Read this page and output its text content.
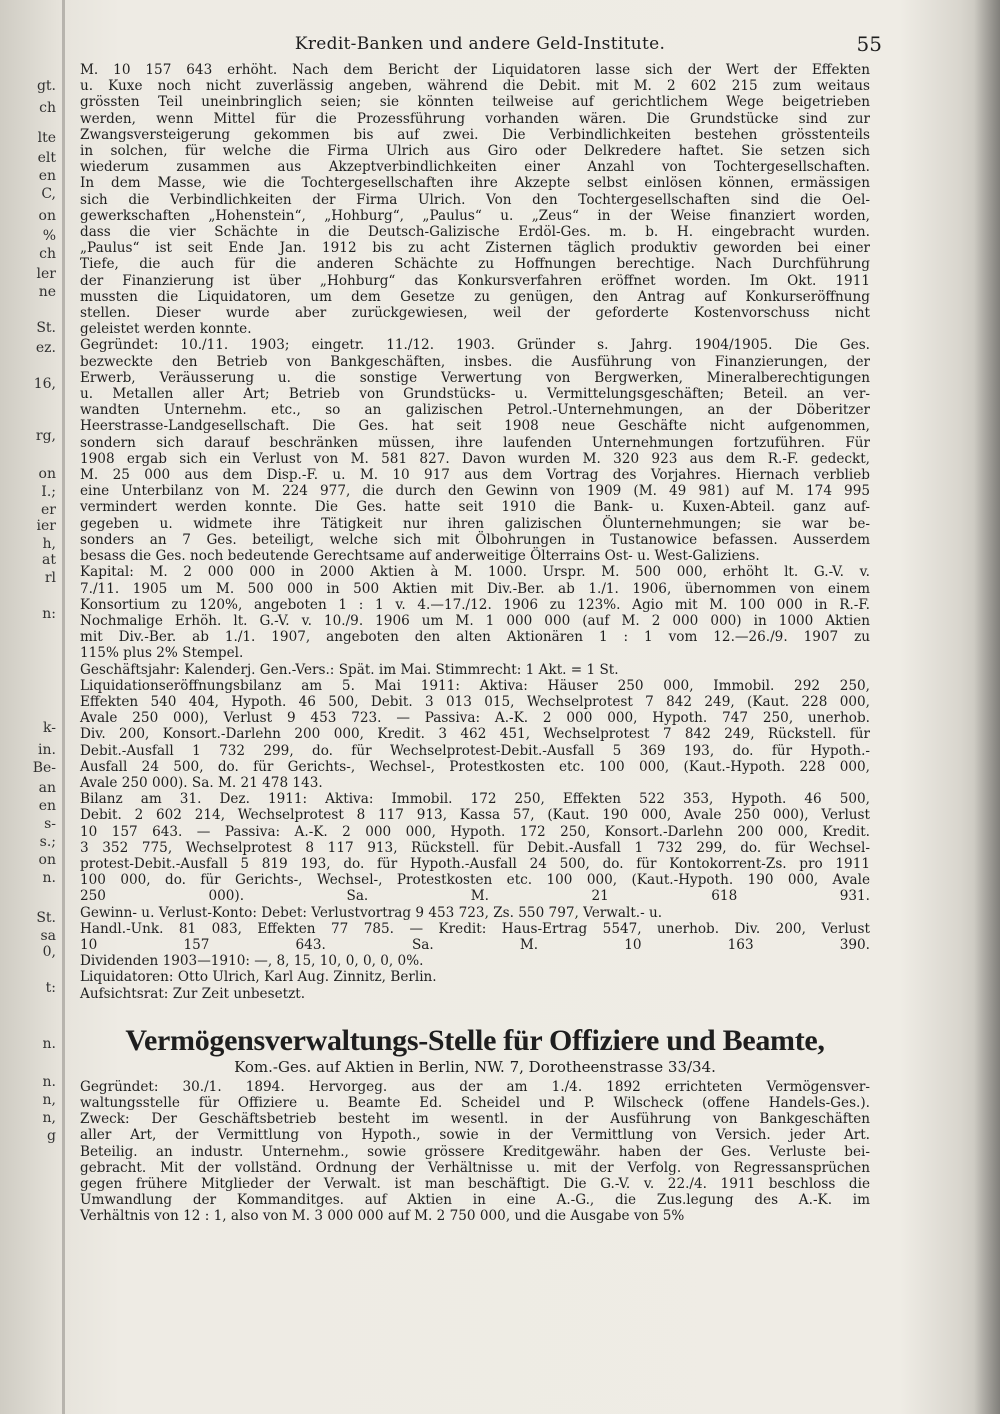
gt.
ch
lte
elt
en
C,
on
%
ch
ler
ne
St.
ez.
16,
rg,
on
I.;
er
ier
h,
at
rl
n:
k-
in.
Be-
an
en
s-
s.;
on
n.
St.
sa
0,
t:
n.
n.
n,
n,
g
Kredit-Banken und andere Geld-Institute.	55
M. 10 157 643 erhöht. Nach dem Bericht der Liquidatoren lasse sich der Wert der Effekten
u. Kuxe noch nicht zuverlässig angeben, während die Debit. mit M. 2 602 215 zum weitaus
grössten Teil uneinbringlich seien; sie könnten teilweise auf gerichtlichem Wege beigetrieben
werden, wenn Mittel für die Prozessführung vorhanden wären. Die Grundstücke sind zur
Zwangsversteigerung gekommen bis auf zwei. Die Verbindlichkeiten bestehen grösstenteils
in solchen, für welche die Firma Ulrich aus Giro oder Delkredere haftet. Sie setzen sich
wiederum zusammen aus Akzeptverbindlichkeiten einer Anzahl von Tochtergesellschaften.
In dem Masse, wie die Tochtergesellschaften ihre Akzepte selbst einlösen können, ermässigen
sich die Verbindlichkeiten der Firma Ulrich. Von den Tochtergesellschaften sind die Oel-
gewerkschaften „Hohenstein“, „Hohburg“, „Paulus“ u. „Zeus“ in der Weise finanziert worden,
dass die vier Schächte in die Deutsch-Galizische Erdöl-Ges. m. b. H. eingebracht wurden.
„Paulus“ ist seit Ende Jan. 1912 bis zu acht Zisternen täglich produktiv geworden bei einer
Tiefe, die auch für die anderen Schächte zu Hoffnungen berechtige. Nach Durchführung
der Finanzierung ist über „Hohburg“ das Konkursverfahren eröffnet worden. Im Okt. 1911
mussten die Liquidatoren, um dem Gesetze zu genügen, den Antrag auf Konkurseröffnung
stellen. Dieser wurde aber zurückgewiesen, weil der geforderte Kostenvorschuss nicht
geleistet werden konnte.
Gegründet: 10./11. 1903; eingetr. 11./12. 1903. Gründer s. Jahrg. 1904/1905. Die Ges.
bezweckte den Betrieb von Bankgeschäften, insbes. die Ausführung von Finanzierungen, der
Erwerb, Veräusserung u. die sonstige Verwertung von Bergwerken, Mineralberechtigungen
u. Metallen aller Art; Betrieb von Grundstücks- u. Vermittelungsgeschäften; Beteil. an ver-
wandten Unternehm. etc., so an galizischen Petrol.-Unternehmungen, an der Döberitzer
Heerstrasse-Landgesellschaft. Die Ges. hat seit 1908 neue Geschäfte nicht aufgenommen,
sondern sich darauf beschränken müssen, ihre laufenden Unternehmungen fortzuführen. Für
1908 ergab sich ein Verlust von M. 581 827. Davon wurden M. 320 923 aus dem R.-F. gedeckt,
M. 25 000 aus dem Disp.-F. u. M. 10 917 aus dem Vortrag des Vorjahres. Hiernach verblieb
eine Unterbilanz von M. 224 977, die durch den Gewinn von 1909 (M. 49 981) auf M. 174 995
vermindert werden konnte. Die Ges. hatte seit 1910 die Bank- u. Kuxen-Abteil. ganz auf-
gegeben u. widmete ihre Tätigkeit nur ihren galizischen Ölunternehmungen; sie war be-
sonders an 7 Ges. beteiligt, welche sich mit Ölbohrungen in Tustanowice befassen. Ausserdem
besass die Ges. noch bedeutende Gerechtsame auf anderweitige Ölterrains Ost- u. West-Galiziens.
Kapital: M. 2 000 000 in 2000 Aktien à M. 1000. Urspr. M. 500 000, erhöht lt. G.-V. v.
7./11. 1905 um M. 500 000 in 500 Aktien mit Div.-Ber. ab 1./1. 1906, übernommen von einem
Konsortium zu 120%, angeboten 1 : 1 v. 4.—17./12. 1906 zu 123%. Agio mit M. 100 000 in R.-F.
Nochmalige Erhöh. lt. G.-V. v. 10./9. 1906 um M. 1 000 000 (auf M. 2 000 000) in 1000 Aktien
mit Div.-Ber. ab 1./1. 1907, angeboten den alten Aktionären 1 : 1 vom 12.—26./9. 1907 zu
115% plus 2% Stempel.
Geschäftsjahr: Kalenderj. Gen.-Vers.: Spät. im Mai. Stimmrecht: 1 Akt. = 1 St.
Liquidationseröffnungsbilanz am 5. Mai 1911: Aktiva: Häuser 250 000, Immobil. 292 250,
Effekten 540 404, Hypoth. 46 500, Debit. 3 013 015, Wechselprotest 7 842 249, (Kaut. 228 000,
Avale 250 000), Verlust 9 453 723. — Passiva: A.-K. 2 000 000, Hypoth. 747 250, unerhob.
Div. 200, Konsort.-Darlehn 200 000, Kredit. 3 462 451, Wechselprotest 7 842 249, Rückstell. für
Debit.-Ausfall 1 732 299, do. für Wechselprotest-Debit.-Ausfall 5 369 193, do. für Hypoth.-
Ausfall 24 500, do. für Gerichts-, Wechsel-, Protestkosten etc. 100 000, (Kaut.-Hypoth. 228 000,
Avale 250 000). Sa. M. 21 478 143.
Bilanz am 31. Dez. 1911: Aktiva: Immobil. 172 250, Effekten 522 353, Hypoth. 46 500,
Debit. 2 602 214, Wechselprotest 8 117 913, Kassa 57, (Kaut. 190 000, Avale 250 000), Verlust
10 157 643. — Passiva: A.-K. 2 000 000, Hypoth. 172 250, Konsort.-Darlehn 200 000, Kredit.
3 352 775, Wechselprotest 8 117 913, Rückstell. für Debit.-Ausfall 1 732 299, do. für Wechsel-
protest-Debit.-Ausfall 5 819 193, do. für Hypoth.-Ausfall 24 500, do. für Kontokorrent-Zs. pro 1911
100 000, do. für Gerichts-, Wechsel-, Protestkosten etc. 100 000, (Kaut.-Hypoth. 190 000, Avale
250 000). Sa. M. 21 618 931.
Gewinn- u. Verlust-Konto: Debet: Verlustvortrag 9 453 723, Zs. 550 797, Verwalt.- u.
Handl.-Unk. 81 083, Effekten 77 785. — Kredit: Haus-Ertrag 5547, unerhob. Div. 200, Verlust
10 157 643. Sa. M. 10 163 390.
Dividenden 1903—1910: —, 8, 15, 10, 0, 0, 0, 0%.
Liquidatoren: Otto Ulrich, Karl Aug. Zinnitz, Berlin.
Aufsichtsrat: Zur Zeit unbesetzt.
Vermögensverwaltungs-Stelle für Offiziere und Beamte,
Kom.-Ges. auf Aktien in Berlin, NW. 7, Dorotheenstrasse 33/34.
Gegründet: 30./1. 1894. Hervorgeg. aus der am 1./4. 1892 errichteten Vermögensver-
waltungsstelle für Offiziere u. Beamte Ed. Scheidel und P. Wilscheck (offene Handels-Ges.).
Zweck: Der Geschäftsbetrieb besteht im wesentl. in der Ausführung von Bankgeschäften
aller Art, der Vermittlung von Hypoth., sowie in der Vermittlung von Versich. jeder Art.
Beteilig. an industr. Unternehm., sowie grössere Kreditgewähr. haben der Ges. Verluste bei-
gebracht. Mit der vollständ. Ordnung der Verhältnisse u. mit der Verfolg. von Regressansprüchen
gegen frühere Mitglieder der Verwalt. ist man beschäftigt. Die G.-V. v. 22./4. 1911 beschloss die
Umwandlung der Kommanditges. auf Aktien in eine A.-G., die Zus.legung des A.-K. im
Verhältnis von 12 : 1, also von M. 3 000 000 auf M. 2 750 000, und die Ausgabe von 5%
